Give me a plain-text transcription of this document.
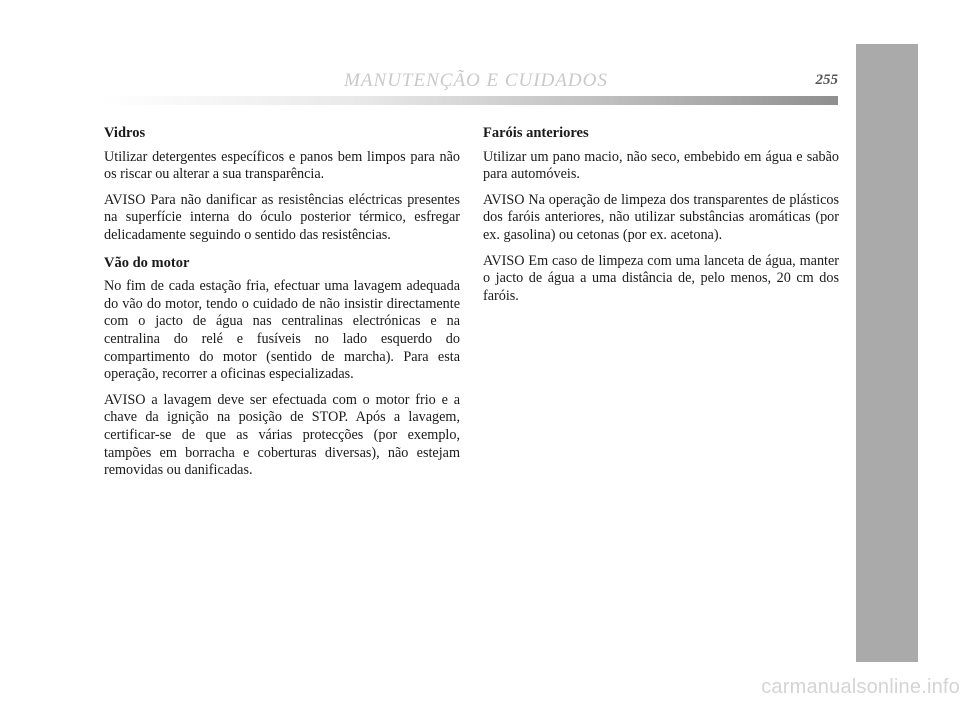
MANUTENÇÃO E CUIDADOS	255
Vidros

Utilizar detergentes específicos e panos bem limpos para não os riscar ou alterar a sua transparência.

AVISO Para não danificar as resistências eléctricas presentes na superfície interna do óculo posterior térmico, esfregar delicadamente seguindo o sentido das resistências.

Vão do motor

No fim de cada estação fria, efectuar uma lavagem adequada do vão do motor, tendo o cuidado de não insistir directamente com o jacto de água nas centralinas electrónicas e na centralina do relé e fusíveis no lado esquerdo do compartimento do motor (sentido de marcha). Para esta operação, recorrer a oficinas especializadas.

AVISO a lavagem deve ser efectuada com o motor frio e a chave da ignição na posição de STOP. Após a lavagem, certificar-se de que as várias protecções (por exemplo, tampões em borracha e coberturas diversas), não estejam removidas ou danificadas.

Faróis anteriores

Utilizar um pano macio, não seco, embebido em água e sabão para automóveis.

AVISO Na operação de limpeza dos transparentes de plásticos dos faróis anteriores, não utilizar substâncias aromáticas (por ex. gasolina) ou cetonas (por ex. acetona).

AVISO Em caso de limpeza com uma lanceta de água, manter o jacto de água a uma distância de, pelo menos, 20 cm dos faróis.

carmanualsonline.info
